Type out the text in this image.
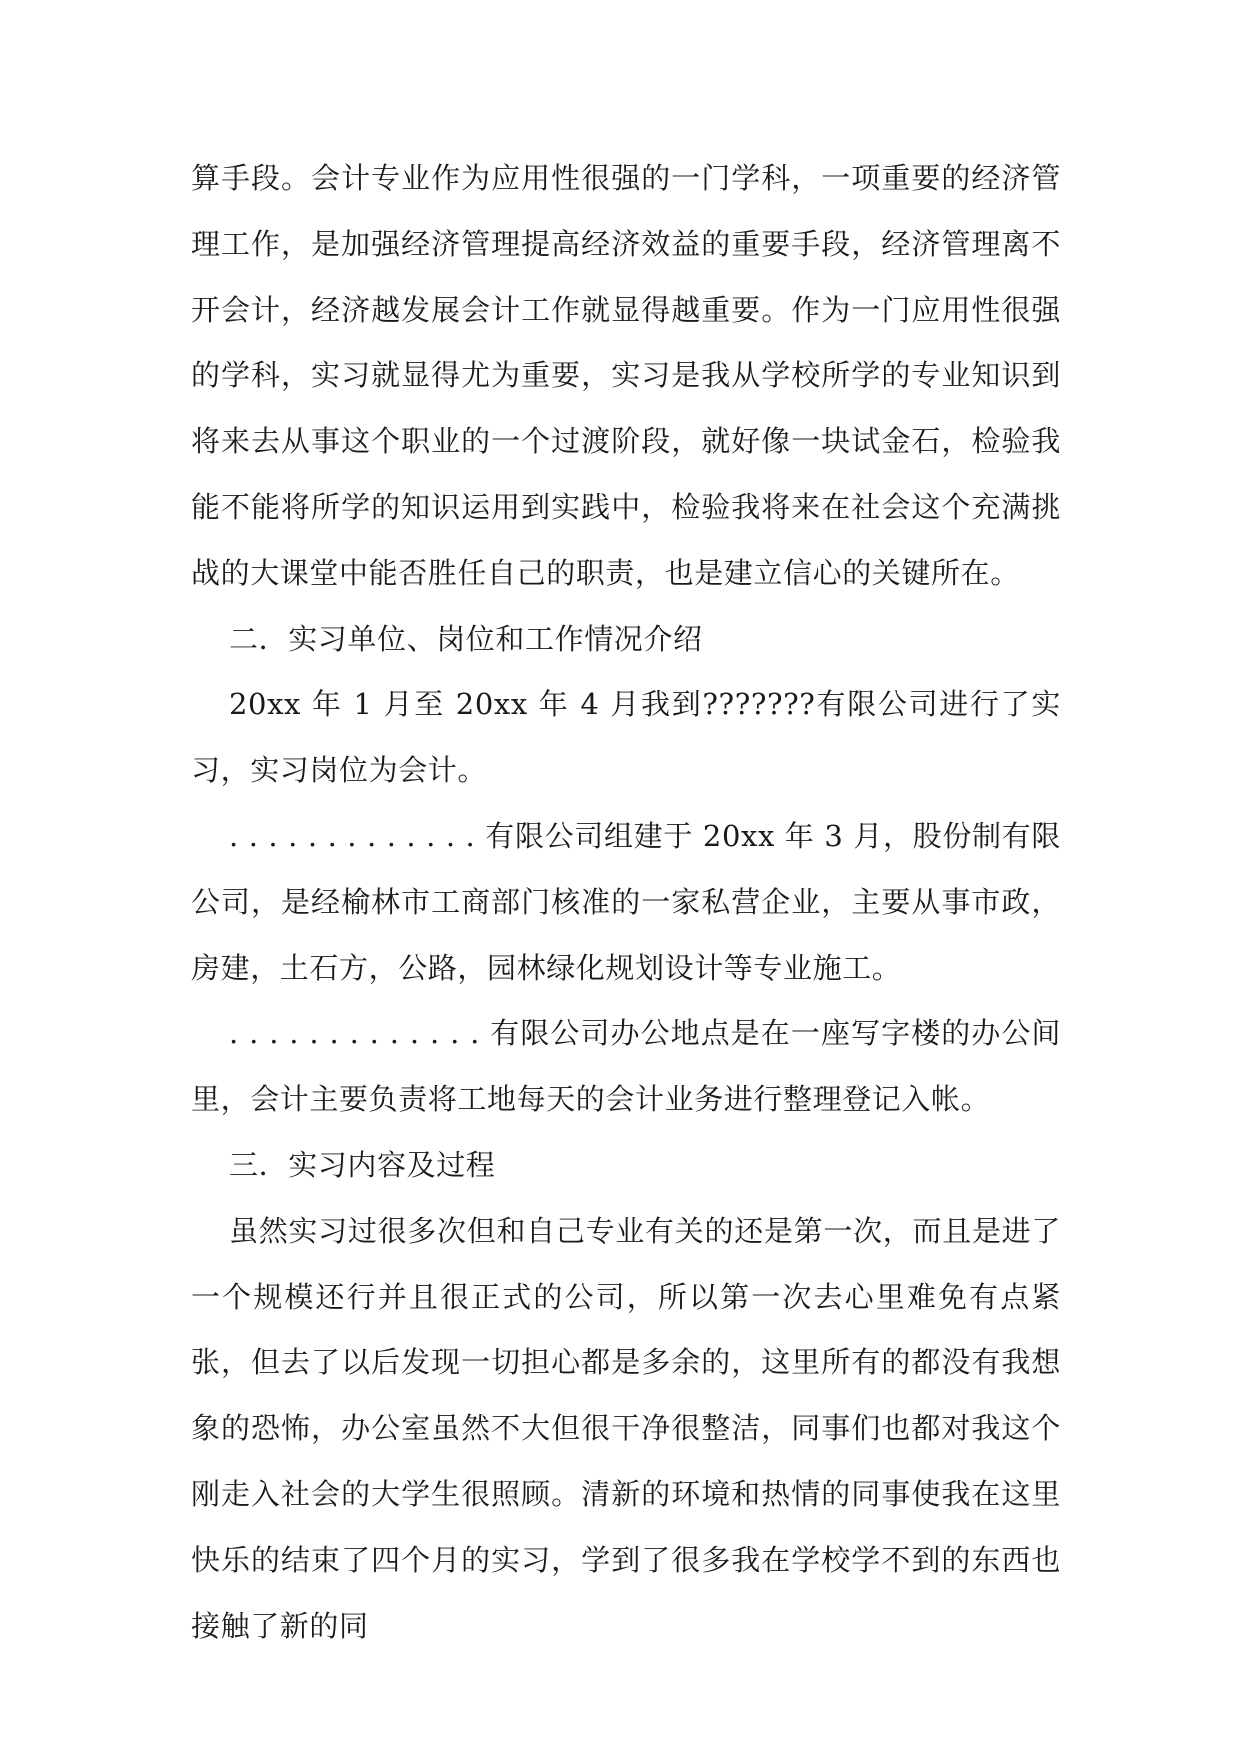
算手段。会计专业作为应用性很强的一门学科，一项重要的经济管理工作，是加强经济管理提高经济效益的重要手段，经济管理离不开会计，经济越发展会计工作就显得越重要。作为一门应用性很强的学科，实习就显得尤为重要，实习是我从学校所学的专业知识到将来去从事这个职业的一个过渡阶段，就好像一块试金石，检验我能不能将所学的知识运用到实践中，检验我将来在社会这个充满挑战的大课堂中能否胜任自己的职责，也是建立信心的关键所在。

二．实习单位、岗位和工作情况介绍

20xx 年 1 月至 20xx 年 4 月我到???????有限公司进行了实习，实习岗位为会计。

. . . . . . . . . . . . . 有限公司组建于 20xx 年 3 月，股份制有限公司，是经榆林市工商部门核准的一家私营企业，主要从事市政，房建，土石方，公路，园林绿化规划设计等专业施工。

. . . . . . . . . . . . . 有限公司办公地点是在一座写字楼的办公间里，会计主要负责将工地每天的会计业务进行整理登记入帐。

三．实习内容及过程

虽然实习过很多次但和自己专业有关的还是第一次，而且是进了一个规模还行并且很正式的公司，所以第一次去心里难免有点紧张，但去了以后发现一切担心都是多余的，这里所有的都没有我想象的恐怖，办公室虽然不大但很干净很整洁，同事们也都对我这个刚走入社会的大学生很照顾。清新的环境和热情的同事使我在这里快乐的结束了四个月的实习，学到了很多我在学校学不到的东西也接触了新的同
